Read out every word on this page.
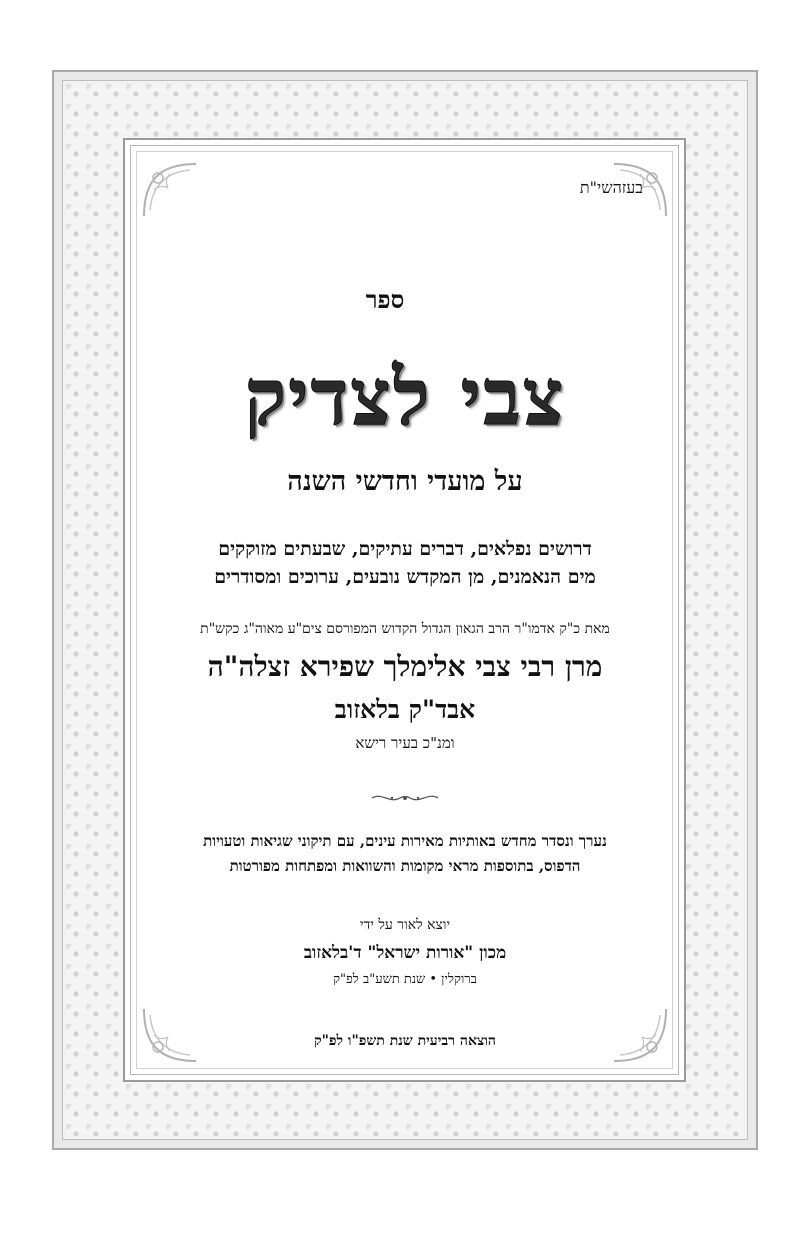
בעזהשי"ת
ספר
צבי לצדיק
על מועדי וחדשי השנה
דרושים נפלאים, דברים עתיקים, שבעתים מזוקקים
מים הנאמנים, מן המקדש נובעים, ערוכים ומסודרים
מאת כ"ק אדמו"ר הרב הגאון הגדול הקדוש המפורסם צים"ע מאוה"ג כקש"ת
מרן רבי צבי אלימלך שפירא זצלה"ה
אבד"ק בלאזוב
ומנ"כ בעיר רישא
נערך ונסדר מחדש באותיות מאירות עינים, עם תיקוני שגיאות וטעויות
הדפוס, בתוספות מראי מקומות והשוואות ומפתחות מפורטות
יוצא לאור על ידי
מכון "אורות ישראל" ד'בלאזוב
ברוקלין • שנת תשע"ב לפ"ק
הוצאה רביעית שנת תשפ"ו לפ"ק
